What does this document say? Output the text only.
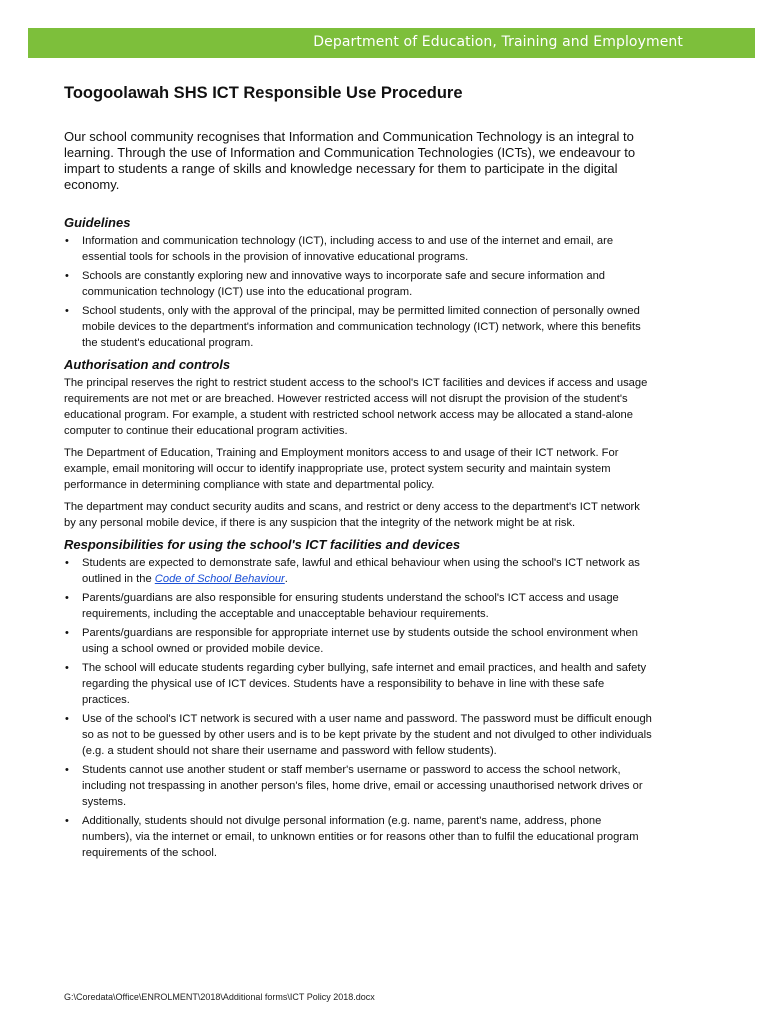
Department of Education, Training and Employment
Toogoolawah SHS ICT Responsible Use Procedure

Our school community recognises that Information and Communication Technology is an integral to learning. Through the use of Information and Communication Technologies (ICTs), we endeavour to impart to students a range of skills and knowledge necessary for them to participate in the digital economy.

Guidelines
• Information and communication technology (ICT), including access to and use of the internet and email, are essential tools for schools in the provision of innovative educational programs.
• Schools are constantly exploring new and innovative ways to incorporate safe and secure information and communication technology (ICT) use into the educational program.
• School students, only with the approval of the principal, may be permitted limited connection of personally owned mobile devices to the department's information and communication technology (ICT) network, where this benefits the student's educational program.
Authorisation and controls

The principal reserves the right to restrict student access to the school's ICT facilities and devices if access and usage requirements are not met or are breached. However restricted access will not disrupt the provision of the student's educational program. For example, a student with restricted school network access may be allocated a stand-alone computer to continue their educational program activities.

The Department of Education, Training and Employment monitors access to and usage of their ICT network. For example, email monitoring will occur to identify inappropriate use, protect system security and maintain system performance in determining compliance with state and departmental policy.

The department may conduct security audits and scans, and restrict or deny access to the department's ICT network by any personal mobile device, if there is any suspicion that the integrity of the network might be at risk.

Responsibilities for using the school's ICT facilities and devices
• Students are expected to demonstrate safe, lawful and ethical behaviour when using the school's ICT network as outlined in the Code of School Behaviour.
• Parents/guardians are also responsible for ensuring students understand the school's ICT access and usage requirements, including the acceptable and unacceptable behaviour requirements.
• Parents/guardians are responsible for appropriate internet use by students outside the school environment when using a school owned or provided mobile device.
• The school will educate students regarding cyber bullying, safe internet and email practices, and health and safety regarding the physical use of ICT devices. Students have a responsibility to behave in line with these safe practices.
• Use of the school's ICT network is secured with a user name and password. The password must be difficult enough so as not to be guessed by other users and is to be kept private by the student and not divulged to other individuals (e.g. a student should not share their username and password with fellow students).
• Students cannot use another student or staff member's username or password to access the school network, including not trespassing in another person's files, home drive, email or accessing unauthorised network drives or systems.
• Additionally, students should not divulge personal information (e.g. name, parent's name, address, phone numbers), via the internet or email, to unknown entities or for reasons other than to fulfil the educational program requirements of the school.
G:\Coredata\Office\ENROLMENT\2018\Additional forms\ICT Policy 2018.docx
